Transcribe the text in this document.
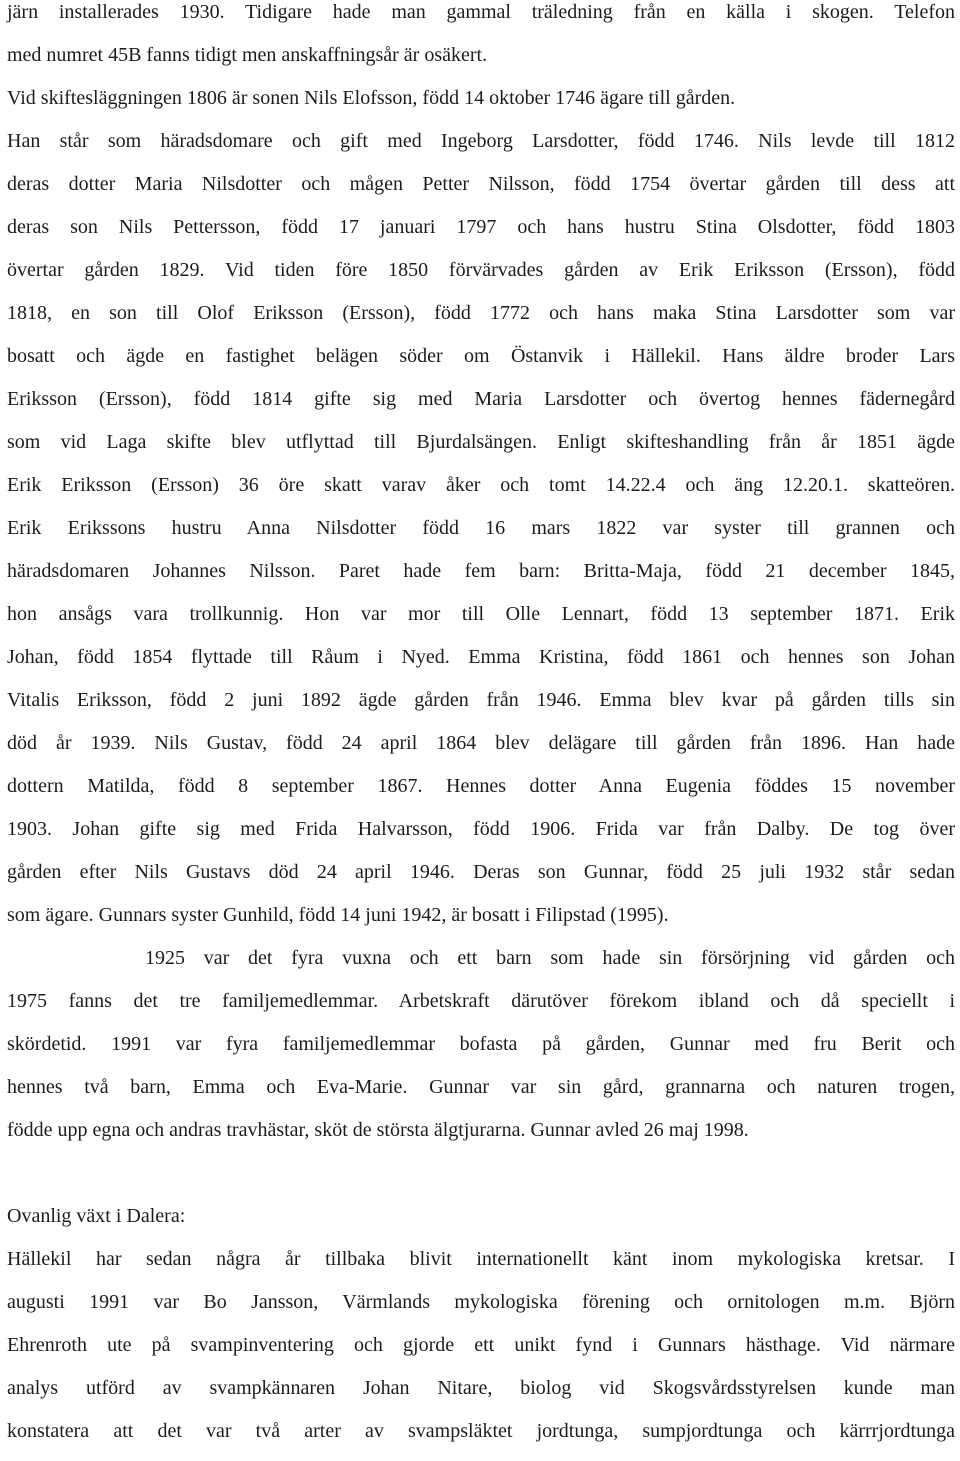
järn installerades 1930. Tidigare hade man gammal träledning från en källa i skogen. Telefon
med numret 45B fanns tidigt men anskaffningsår är osäkert.
Vid skiftesläggningen 1806 är sonen Nils Elofsson, född 14 oktober 1746 ägare till gården.
Han står som häradsdomare och gift med Ingeborg Larsdotter, född 1746. Nils levde till 1812
deras dotter Maria Nilsdotter och mågen Petter Nilsson, född 1754 övertar gården till dess att
deras son Nils Pettersson, född 17 januari 1797 och hans hustru Stina Olsdotter, född 1803
övertar gården 1829. Vid tiden före 1850 förvärvades gården av Erik Eriksson (Ersson), född
1818, en son till Olof Eriksson (Ersson), född 1772 och hans maka Stina Larsdotter som var
bosatt och ägde en fastighet belägen söder om Östanvik i Hällekil. Hans äldre broder Lars
Eriksson (Ersson), född 1814 gifte sig med Maria Larsdotter och övertog hennes fädernegård
som vid Laga skifte blev utflyttad till Bjurdalsängen. Enligt skifteshandling från år 1851 ägde
Erik Eriksson (Ersson) 36 öre skatt varav åker och tomt 14.22.4 och äng 12.20.1. skatteören.
Erik Erikssons hustru Anna Nilsdotter född 16 mars 1822 var syster till grannen och
häradsdomaren Johannes Nilsson. Paret hade fem barn: Britta-Maja, född 21 december 1845,
hon ansågs vara trollkunnig. Hon var mor till Olle Lennart, född 13 september 1871. Erik
Johan, född 1854 flyttade till Råum i Nyed. Emma Kristina, född 1861 och hennes son Johan
Vitalis Eriksson, född 2 juni 1892 ägde gården från 1946. Emma blev kvar på gården tills sin
död år 1939. Nils Gustav, född 24 april 1864 blev delägare till gården från 1896. Han hade
dottern Matilda, född 8 september 1867. Hennes dotter Anna Eugenia föddes 15 november
1903. Johan gifte sig med Frida Halvarsson, född 1906. Frida var från Dalby. De tog över
gården efter Nils Gustavs död 24 april 1946. Deras son Gunnar, född 25 juli 1932 står sedan
som ägare. Gunnars syster Gunhild, född 14 juni 1942, är bosatt i Filipstad (1995).
1925 var det fyra vuxna och ett barn som hade sin försörjning vid gården och
1975 fanns det tre familjemedlemmar. Arbetskraft därutöver förekom ibland och då speciellt i
skördetid. 1991 var fyra familjemedlemmar bofasta på gården, Gunnar med fru Berit och
hennes två barn, Emma och Eva-Marie. Gunnar var sin gård, grannarna och naturen trogen,
födde upp egna och andras travhästar, sköt de största älgtjurarna. Gunnar avled 26 maj 1998.
Ovanlig växt i Dalera:
Hällekil har sedan några år tillbaka blivit internationellt känt inom mykologiska kretsar. I
augusti 1991 var Bo Jansson, Värmlands mykologiska förening och ornitologen m.m. Björn
Ehrenroth ute på svampinventering och gjorde ett unikt fynd i Gunnars hästhage. Vid närmare
analys utförd av svampkännaren Johan Nitare, biolog vid Skogsvårdsstyrelsen kunde man
konstatera att det var två arter av svampsläktet jordtunga, sumpjordtunga och kärrrjordtunga
